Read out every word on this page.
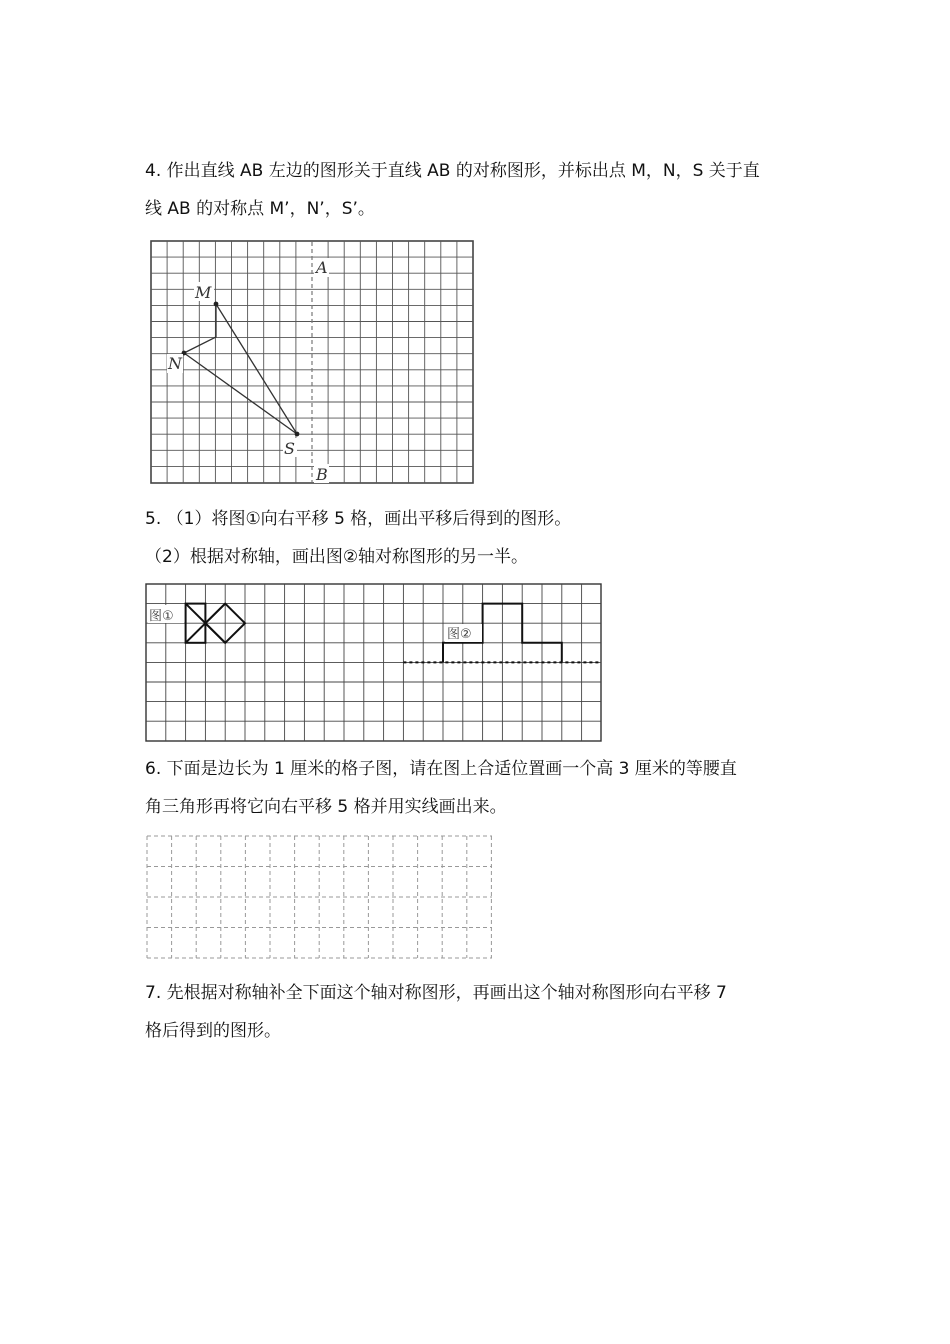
4. 作出直线 AB 左边的图形关于直线 AB 的对称图形，并标出点 M，N，S 关于直

线 AB 的对称点 M’，N’，S’。

A
B
M
N
S

5. （1）将图①向右平移 5 格，画出平移后得到的图形。

（2）根据对称轴，画出图②轴对称图形的另一半。

图①
图②

6. 下面是边长为 1 厘米的格子图，请在图上合适位置画一个高 3 厘米的等腰直

角三角形再将它向右平移 5 格并用实线画出来。

7. 先根据对称轴补全下面这个轴对称图形，再画出这个轴对称图形向右平移 7

格后得到的图形。
